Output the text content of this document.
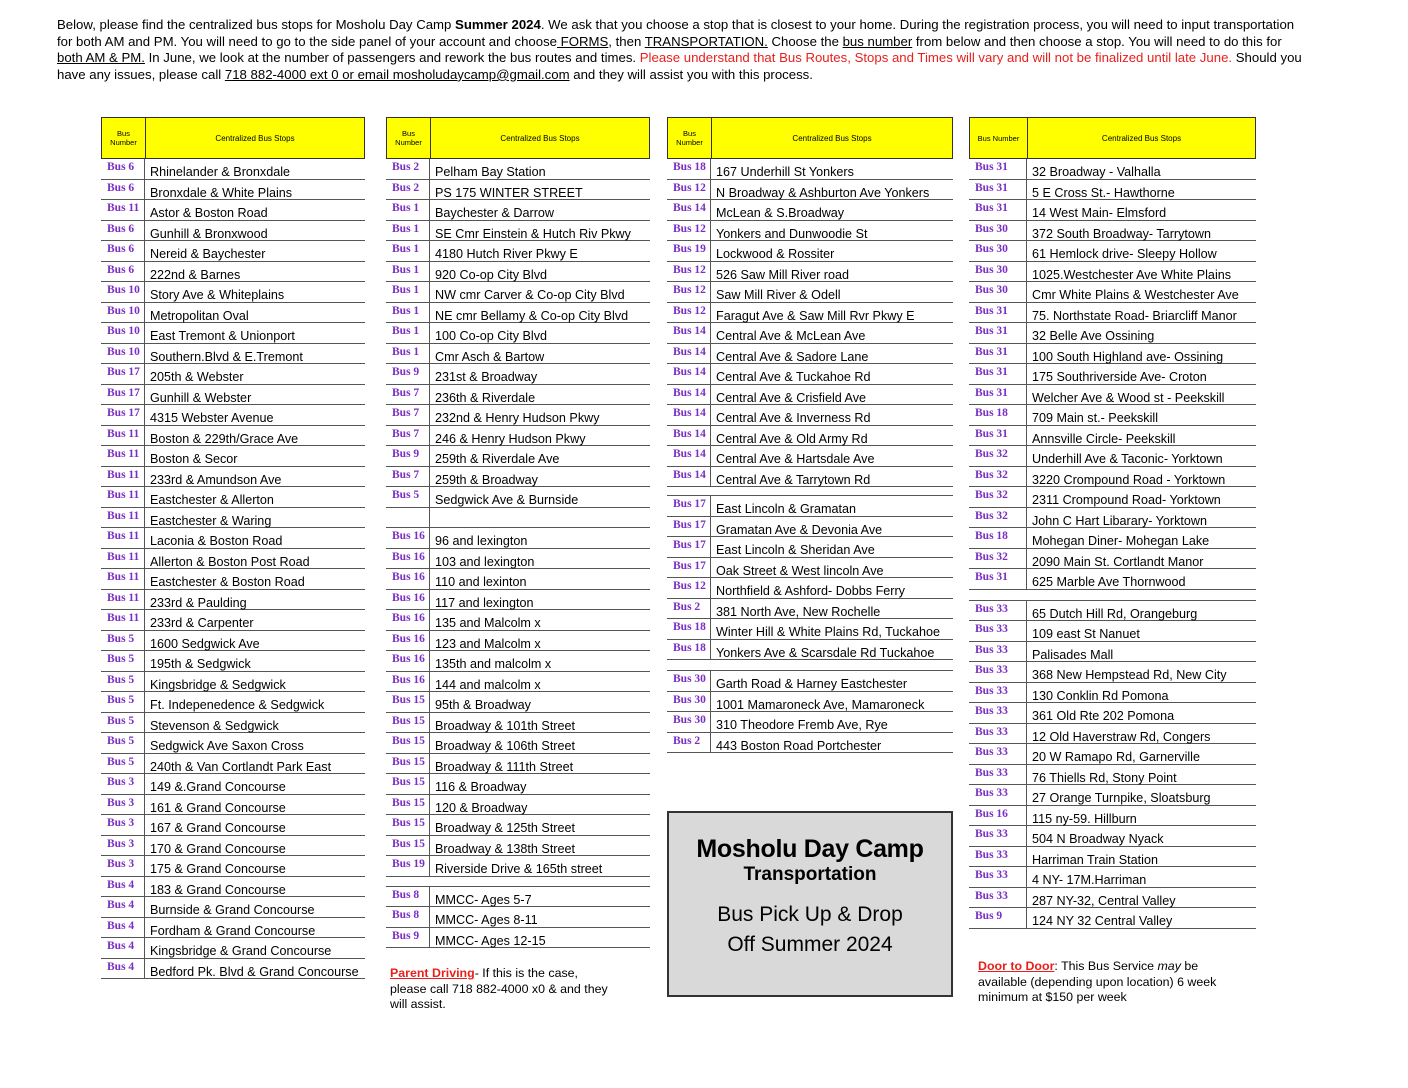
Below, please find the centralized bus stops for Mosholu Day Camp Summer 2024. We ask that you choose a stop that is closest to your home. During the registration process, you will need to input transportation for both AM and PM. You will need to go to the side panel of your account and choose FORMS, then TRANSPORTATION. Choose the bus number from below and then choose a stop. You will need to do this for both AM & PM. In June, we look at the number of passengers and rework the bus routes and times. Please understand that Bus Routes, Stops and Times will vary and will not be finalized until late June. Should you have any issues, please call 718 882-4000 ext 0 or email mosholudaycamp@gmail.com and they will assist you with this process.
Bus Number	Centralized Bus Stops
Bus 6	Rhinelander & Bronxdale
Bus 6	Bronxdale & White Plains
Bus 11 Astor & Boston Road
Bus 6	Gunhill & Bronxwood
Bus 6	Nereid & Baychester
Bus 6	222nd & Barnes
Bus 10 Story Ave & Whiteplains
Bus 10 Metropolitan Oval
Bus 10 East Tremont & Unionport
Bus 10 Southern.Blvd & E.Tremont
Bus 17 205th & Webster
Bus 17 Gunhill & Webster
Bus 17 4315 Webster Avenue
Bus 11 Boston & 229th/Grace Ave
Bus 11 Boston & Secor
Bus 11 233rd & Amundson Ave
Bus 11 Eastchester & Allerton
Bus 11 Eastchester & Waring
Bus 11 Laconia & Boston Road
Bus 11 Allerton & Boston Post Road
Bus 11 Eastchester & Boston Road
Bus 11 233rd & Paulding
Bus 11 233rd & Carpenter
Bus 5	1600 Sedgwick Ave
Bus 5	195th & Sedgwick
Bus 5	Kingsbridge & Sedgwick
Bus 5	Ft. Indepenedence & Sedgwick
Bus 5	Stevenson & Sedgwick
Bus 5	Sedgwick Ave Saxon Cross
Bus 5	240th & Van Cortlandt Park East
Bus 3	149 &.Grand Concourse
Bus 3	161 & Grand Concourse
Bus 3	167 & Grand Concourse
Bus 3	170 & Grand Concourse
Bus 3	175 & Grand Concourse
Bus 4	183 & Grand Concourse
Bus 4	Burnside & Grand Concourse
Bus 4	Fordham & Grand Concourse
Bus 4	Kingsbridge & Grand Concourse
Bus 4	Bedford Pk. Blvd & Grand Concourse
Bus Number	Centralized Bus Stops
Bus 2	Pelham Bay Station
Bus 2	PS 175 WINTER STREET
Bus 1	Baychester & Darrow
Bus 1	SE Cmr Einstein & Hutch Riv Pkwy
Bus 1	4180 Hutch River Pkwy E
Bus 1	920 Co-op City Blvd
Bus 1	NW cmr Carver & Co-op City Blvd
Bus 1	NE cmr Bellamy & Co-op City Blvd
Bus 1	100 Co-op City Blvd
Bus 1	Cmr Asch & Bartow
Bus 9	231st & Broadway
Bus 7	236th & Riverdale
Bus 7	232nd & Henry Hudson Pkwy
Bus 7	246 & Henry Hudson Pkwy
Bus 9	259th & Riverdale Ave
Bus 7	259th & Broadway
Bus 5	Sedgwick Ave & Burnside
Bus 16 96 and lexington
Bus 16 103 and lexington
Bus 16 110 and lexinton
Bus 16 117 and lexington
Bus 16 135 and Malcolm x
Bus 16 123 and Malcolm x
Bus 16 135th and malcolm x
Bus 16 144 and malcolm x
Bus 15 95th & Broadway
Bus 15 Broadway & 101th Street
Bus 15 Broadway & 106th Street
Bus 15 Broadway & 111th Street
Bus 15 116 & Broadway
Bus 15 120 & Broadway
Bus 15 Broadway & 125th Street
Bus 15 Broadway & 138th Street
Bus 19 Riverside Drive & 165th street
Bus 8	MMCC- Ages 5-7
Bus 8	MMCC- Ages 8-11
Bus 9	MMCC- Ages 12-15
Bus Number	Centralized Bus Stops
Bus 18 167 Underhill St Yonkers
Bus 12 N Broadway & Ashburton Ave Yonkers
Bus 14 McLean & S.Broadway
Bus 12 Yonkers and Dunwoodie St
Bus 19 Lockwood & Rossiter
Bus 12 526 Saw Mill River road
Bus 12 Saw Mill River & Odell
Bus 12 Faragut Ave & Saw Mill Rvr Pkwy E
Bus 14 Central Ave & McLean Ave
Bus 14 Central Ave & Sadore Lane
Bus 14 Central Ave & Tuckahoe Rd
Bus 14 Central Ave & Crisfield Ave
Bus 14 Central Ave & Inverness Rd
Bus 14 Central Ave & Old Army Rd
Bus 14 Central Ave & Hartsdale Ave
Bus 14 Central Ave & Tarrytown Rd
Bus 17 East Lincoln & Gramatan
Bus 17 Gramatan Ave & Devonia Ave
Bus 17 East Lincoln & Sheridan Ave
Bus 17 Oak Street & West lincoln Ave
Bus 12 Northfield & Ashford- Dobbs Ferry
Bus 2	381 North Ave, New Rochelle
Bus 18 Winter Hill & White Plains Rd, Tuckahoe
Bus 18 Yonkers Ave & Scarsdale Rd Tuckahoe
Bus 30 Garth Road & Harney Eastchester
Bus 30 1001 Mamaroneck Ave, Mamaroneck
Bus 30 310 Theodore Fremb Ave, Rye
Bus 2	443 Boston Road Portchester
Bus Number	Centralized Bus Stops
Bus 31	32 Broadway - Valhalla
Bus 31	5 E Cross St.- Hawthorne
Bus 31	14 West Main- Elmsford
Bus 30	372 South Broadway- Tarrytown
Bus 30	61 Hemlock drive- Sleepy Hollow
Bus 30	1025.Westchester Ave White Plains
Bus 30	Cmr White Plains & Westchester Ave
Bus 31	75. Northstate Road- Briarcliff Manor
Bus 31	32 Belle Ave Ossining
Bus 31	100 South Highland ave- Ossining
Bus 31	175 Southriverside Ave- Croton
Bus 31	Welcher Ave & Wood st - Peekskill
Bus 18	709 Main st.- Peekskill
Bus 31	Annsville Circle- Peekskill
Bus 32	Underhill Ave & Taconic- Yorktown
Bus 32	3220 Crompound Road - Yorktown
Bus 32	2311 Crompound Road- Yorktown
Bus 32	John C Hart Libarary- Yorktown
Bus 18	Mohegan Diner- Mohegan Lake
Bus 32	2090 Main St. Cortlandt Manor
Bus 31	625 Marble Ave Thornwood
Bus 33	65 Dutch Hill Rd, Orangeburg
Bus 33	109 east St Nanuet
Bus 33	Palisades Mall
Bus 33	368 New Hempstead Rd, New City
Bus 33	130 Conklin Rd Pomona
Bus 33	361 Old Rte 202 Pomona
Bus 33	12 Old Haverstraw Rd, Congers
Bus 33	20 W Ramapo Rd, Garnerville
Bus 33	76 Thiells Rd, Stony Point
Bus 33	27 Orange Turnpike, Sloatsburg
Bus 16	115 ny-59. Hillburn
Bus 33	504 N Broadway Nyack
Bus 33	Harriman Train Station
Bus 33	4 NY- 17M.Harriman
Bus 33	287 NY-32, Central Valley
Bus 9	124 NY 32 Central Valley
Parent Driving- If this is the case, please call 718 882-4000 x0 & and they will assist.
Mosholu Day Camp
Transportation
Bus Pick Up & Drop
Off Summer 2024
Door to Door: This Bus Service may be available (depending upon location) 6 week minimum at $150 per week
